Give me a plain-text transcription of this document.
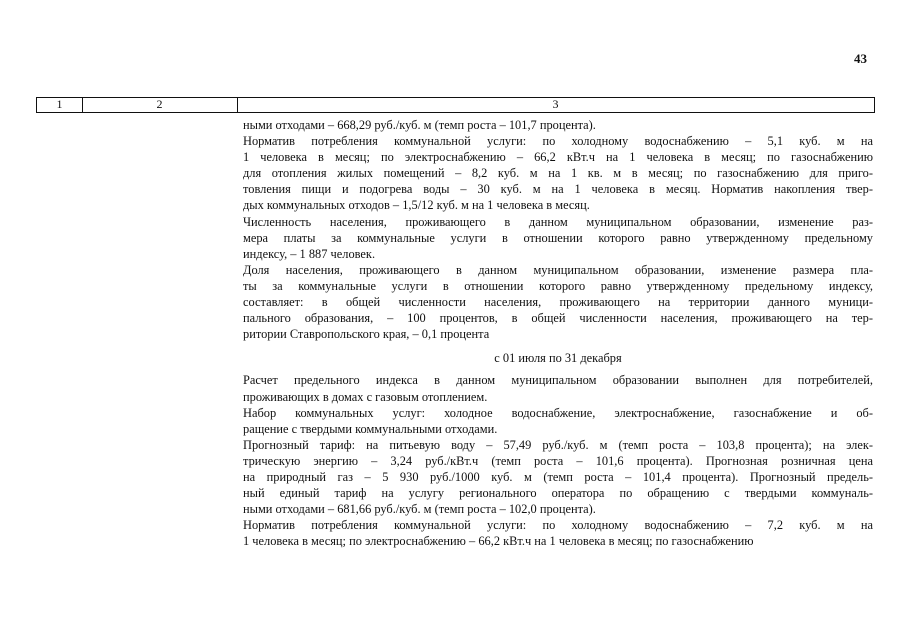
43
1	2	3
ными отходами – 668,29 руб./куб. м (темп роста – 101,7 процента).
Норматив потребления коммунальной услуги: по холодному водоснабжению – 5,1 куб. м на
1 человека в месяц; по электроснабжению – 66,2 кВт.ч на 1 человека в месяц; по газоснабжению
для отопления жилых помещений – 8,2 куб. м на 1 кв. м в месяц; по газоснабжению для приго-
товления пищи и подогрева воды – 30 куб. м на 1 человека в месяц. Норматив накопления твер-
дых коммунальных отходов – 1,5/12 куб. м на 1 человека в месяц.
Численность населения, проживающего в данном муниципальном образовании, изменение раз-
мера платы за коммунальные услуги в отношении которого равно утвержденному предельному
индексу, – 1 887 человек.
Доля населения, проживающего в данном муниципальном образовании, изменение размера пла-
ты за коммунальные услуги в отношении которого равно утвержденному предельному индексу,
составляет: в общей численности населения, проживающего на территории данного муници-
пального образования, – 100 процентов, в общей численности населения, проживающего на тер-
ритории Ставропольского края, – 0,1 процента
с 01 июля по 31 декабря
Расчет предельного индекса в данном муниципальном образовании выполнен для потребителей,
проживающих в домах с газовым отоплением.
Набор коммунальных услуг: холодное водоснабжение, электроснабжение, газоснабжение и об-
ращение с твердыми коммунальными отходами.
Прогнозный тариф: на питьевую воду – 57,49 руб./куб. м (темп роста – 103,8 процента); на элек-
трическую энергию – 3,24 руб./кВт.ч (темп роста – 101,6 процента). Прогнозная розничная цена
на природный газ – 5 930 руб./1000 куб. м (темп роста – 101,4 процента). Прогнозный предель-
ный единый тариф на услугу регионального оператора по обращению с твердыми коммуналь-
ными отходами – 681,66 руб./куб. м (темп роста – 102,0 процента).
Норматив потребления коммунальной услуги: по холодному водоснабжению – 7,2 куб. м на
1 человека в месяц; по электроснабжению – 66,2 кВт.ч на 1 человека в месяц; по газоснабжению
